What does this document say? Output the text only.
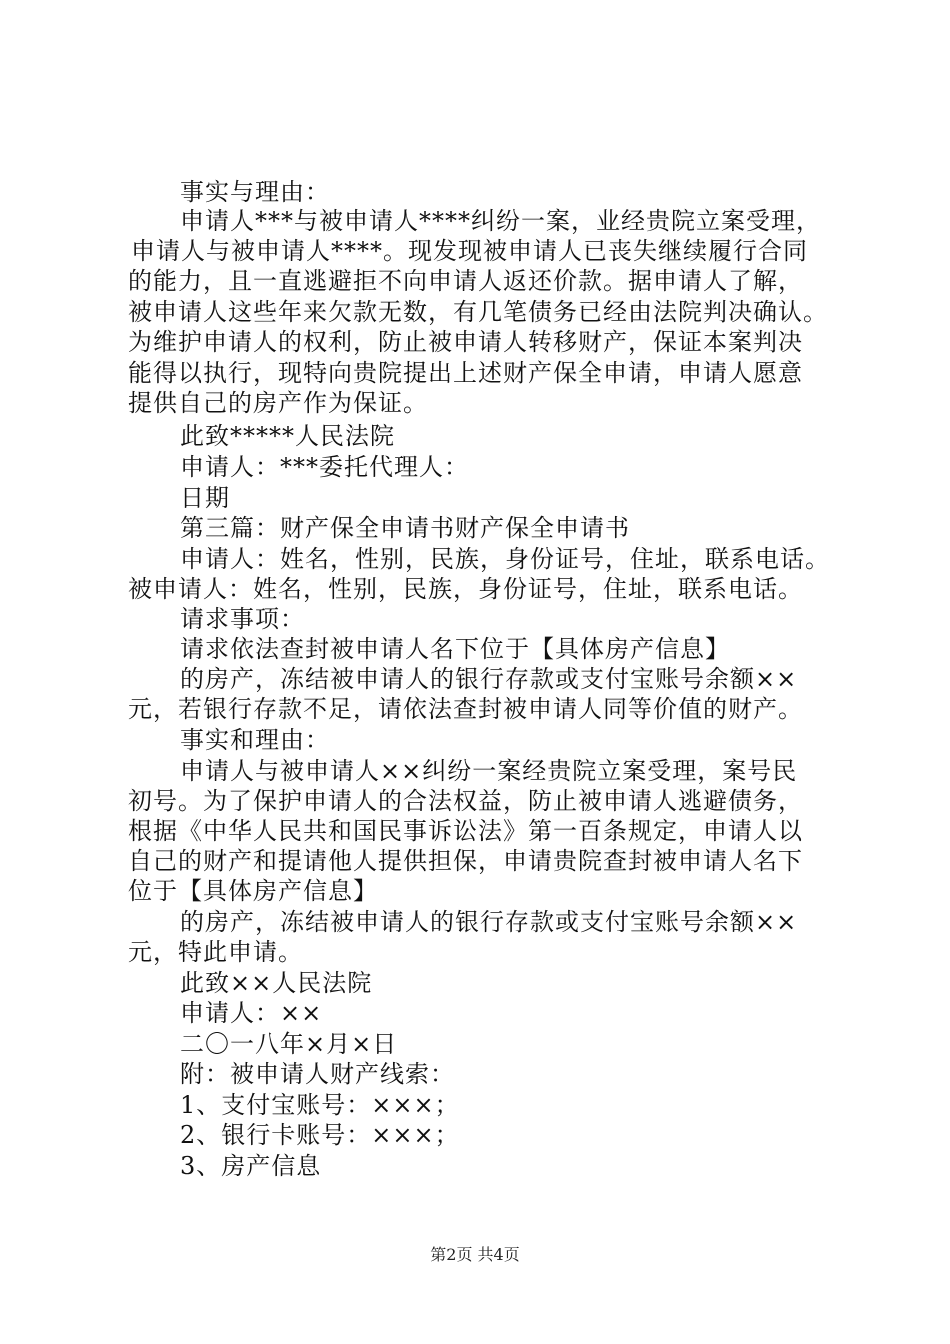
事实与理由：
申请人***与被申请人****纠纷一案，业经贵院立案受理，
申请人与被申请人****。现发现被申请人已丧失继续履行合同
的能力，且一直逃避拒不向申请人返还价款。据申请人了解，
被申请人这些年来欠款无数，有几笔债务已经由法院判决确认。
为维护申请人的权利，防止被申请人转移财产，保证本案判决
能得以执行，现特向贵院提出上述财产保全申请，申请人愿意
提供自己的房产作为保证。
此致*****人民法院
申请人：***委托代理人：
日期
第三篇：财产保全申请书财产保全申请书
申请人：姓名，性别，民族，身份证号，住址，联系电话。
被申请人：姓名，性别，民族，身份证号，住址，联系电话。
请求事项：
请求依法查封被申请人名下位于【具体房产信息】
的房产，冻结被申请人的银行存款或支付宝账号余额××
元，若银行存款不足，请依法查封被申请人同等价值的财产。
事实和理由：
申请人与被申请人××纠纷一案经贵院立案受理，案号民
初号。为了保护申请人的合法权益，防止被申请人逃避债务，
根据《中华人民共和国民事诉讼法》第一百条规定，申请人以
自己的财产和提请他人提供担保，申请贵院查封被申请人名下
位于【具体房产信息】
的房产，冻结被申请人的银行存款或支付宝账号余额××
元，特此申请。
此致××人民法院
申请人：××
二〇一八年×月×日
附：被申请人财产线索：
1、支付宝账号：×××；
2、银行卡账号：×××；
3、房产信息
第2页 共4页
